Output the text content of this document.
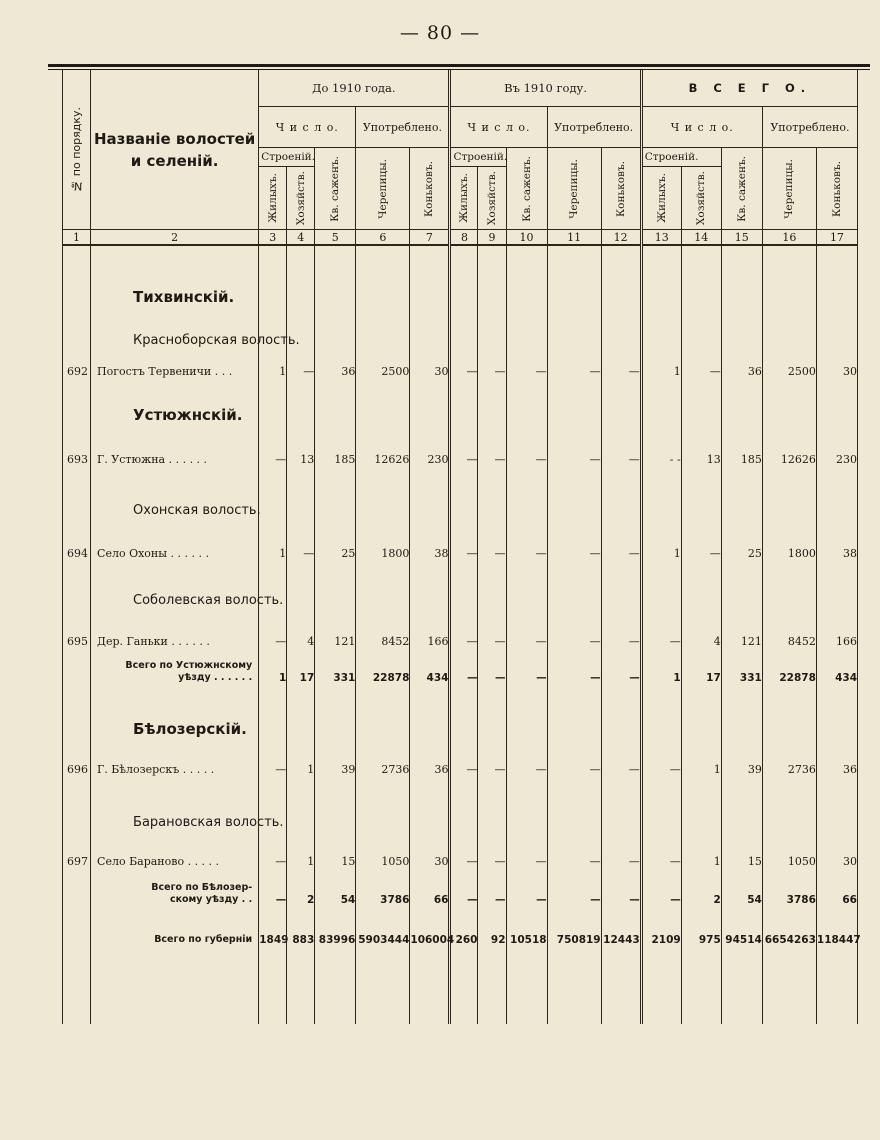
— 80 —
№ по порядку.	Названіе волостей
и селеній.	До 1910 года.					Въ 1910 году.					В С Е Г О.				
		Ч и с л о.			Употреблено.		Ч и с л о.			Употреблено.		Ч и с л о.			Употреблено.	
		Строеній.		Кв. саженъ.	Черепицы.	Коньковъ.	Строеній.		Кв. саженъ.	Черепицы.	Коньковъ.	Строеній.		Кв. саженъ.	Черепицы.	Коньковъ.

		Жилыхъ.	Хозяйств.				Жилыхъ.	Хозяйств.				Жилыхъ.	Хозяйств.			

1	2	3	4	5	6	7	8	9	10	11	12	13	14	15	16	17

	Тихвинскій.															

	Красноборская волость.															

692	Погостъ Тервеничи . . .	1	—	36	2500	30	—	—	—	—	—	1	—	36	2500	30

	Устюжнскій.															

693	Г. Устюжна . . . . . .	—	13	185	12626	230	—	—	—	—	—	- -	13	185	12626	230

	Охонская волость.															

694	Село Охоны . . . . . .	1	—	25	1800	38	—	—	—	—	—	1	—	25	1800	38

	Соболевская волость.															

695	Дер. Ганьки . . . . . .	—	4	121	8452	166	—	—	—	—	—	—	4	121	8452	166

	Всего по Устюжнскому
уѣзду . . . . . .	1	17	331	22878	434	—	—	—	—	—	1	17	331	22878	434

	Бѣлозерскій.															

696	Г. Бѣлозерскъ . . . . .	—	1	39	2736	36	—	—	—	—	—	—	1	39	2736	36

	Барановская волость.															

697	Село Бараново . . . . .	—	1	15	1050	30	—	—	—	—	—	—	1	15	1050	30

	Всего по Бѣлозер-
скому уѣзду . .	—	2	54	3786	66	—	—	—	—	—	—	2	54	3786	66

	Всего по губерніи	1849	883	83996	5903444	106004	260	92	10518	750819	12443	2109	975	94514	6654263	118447
